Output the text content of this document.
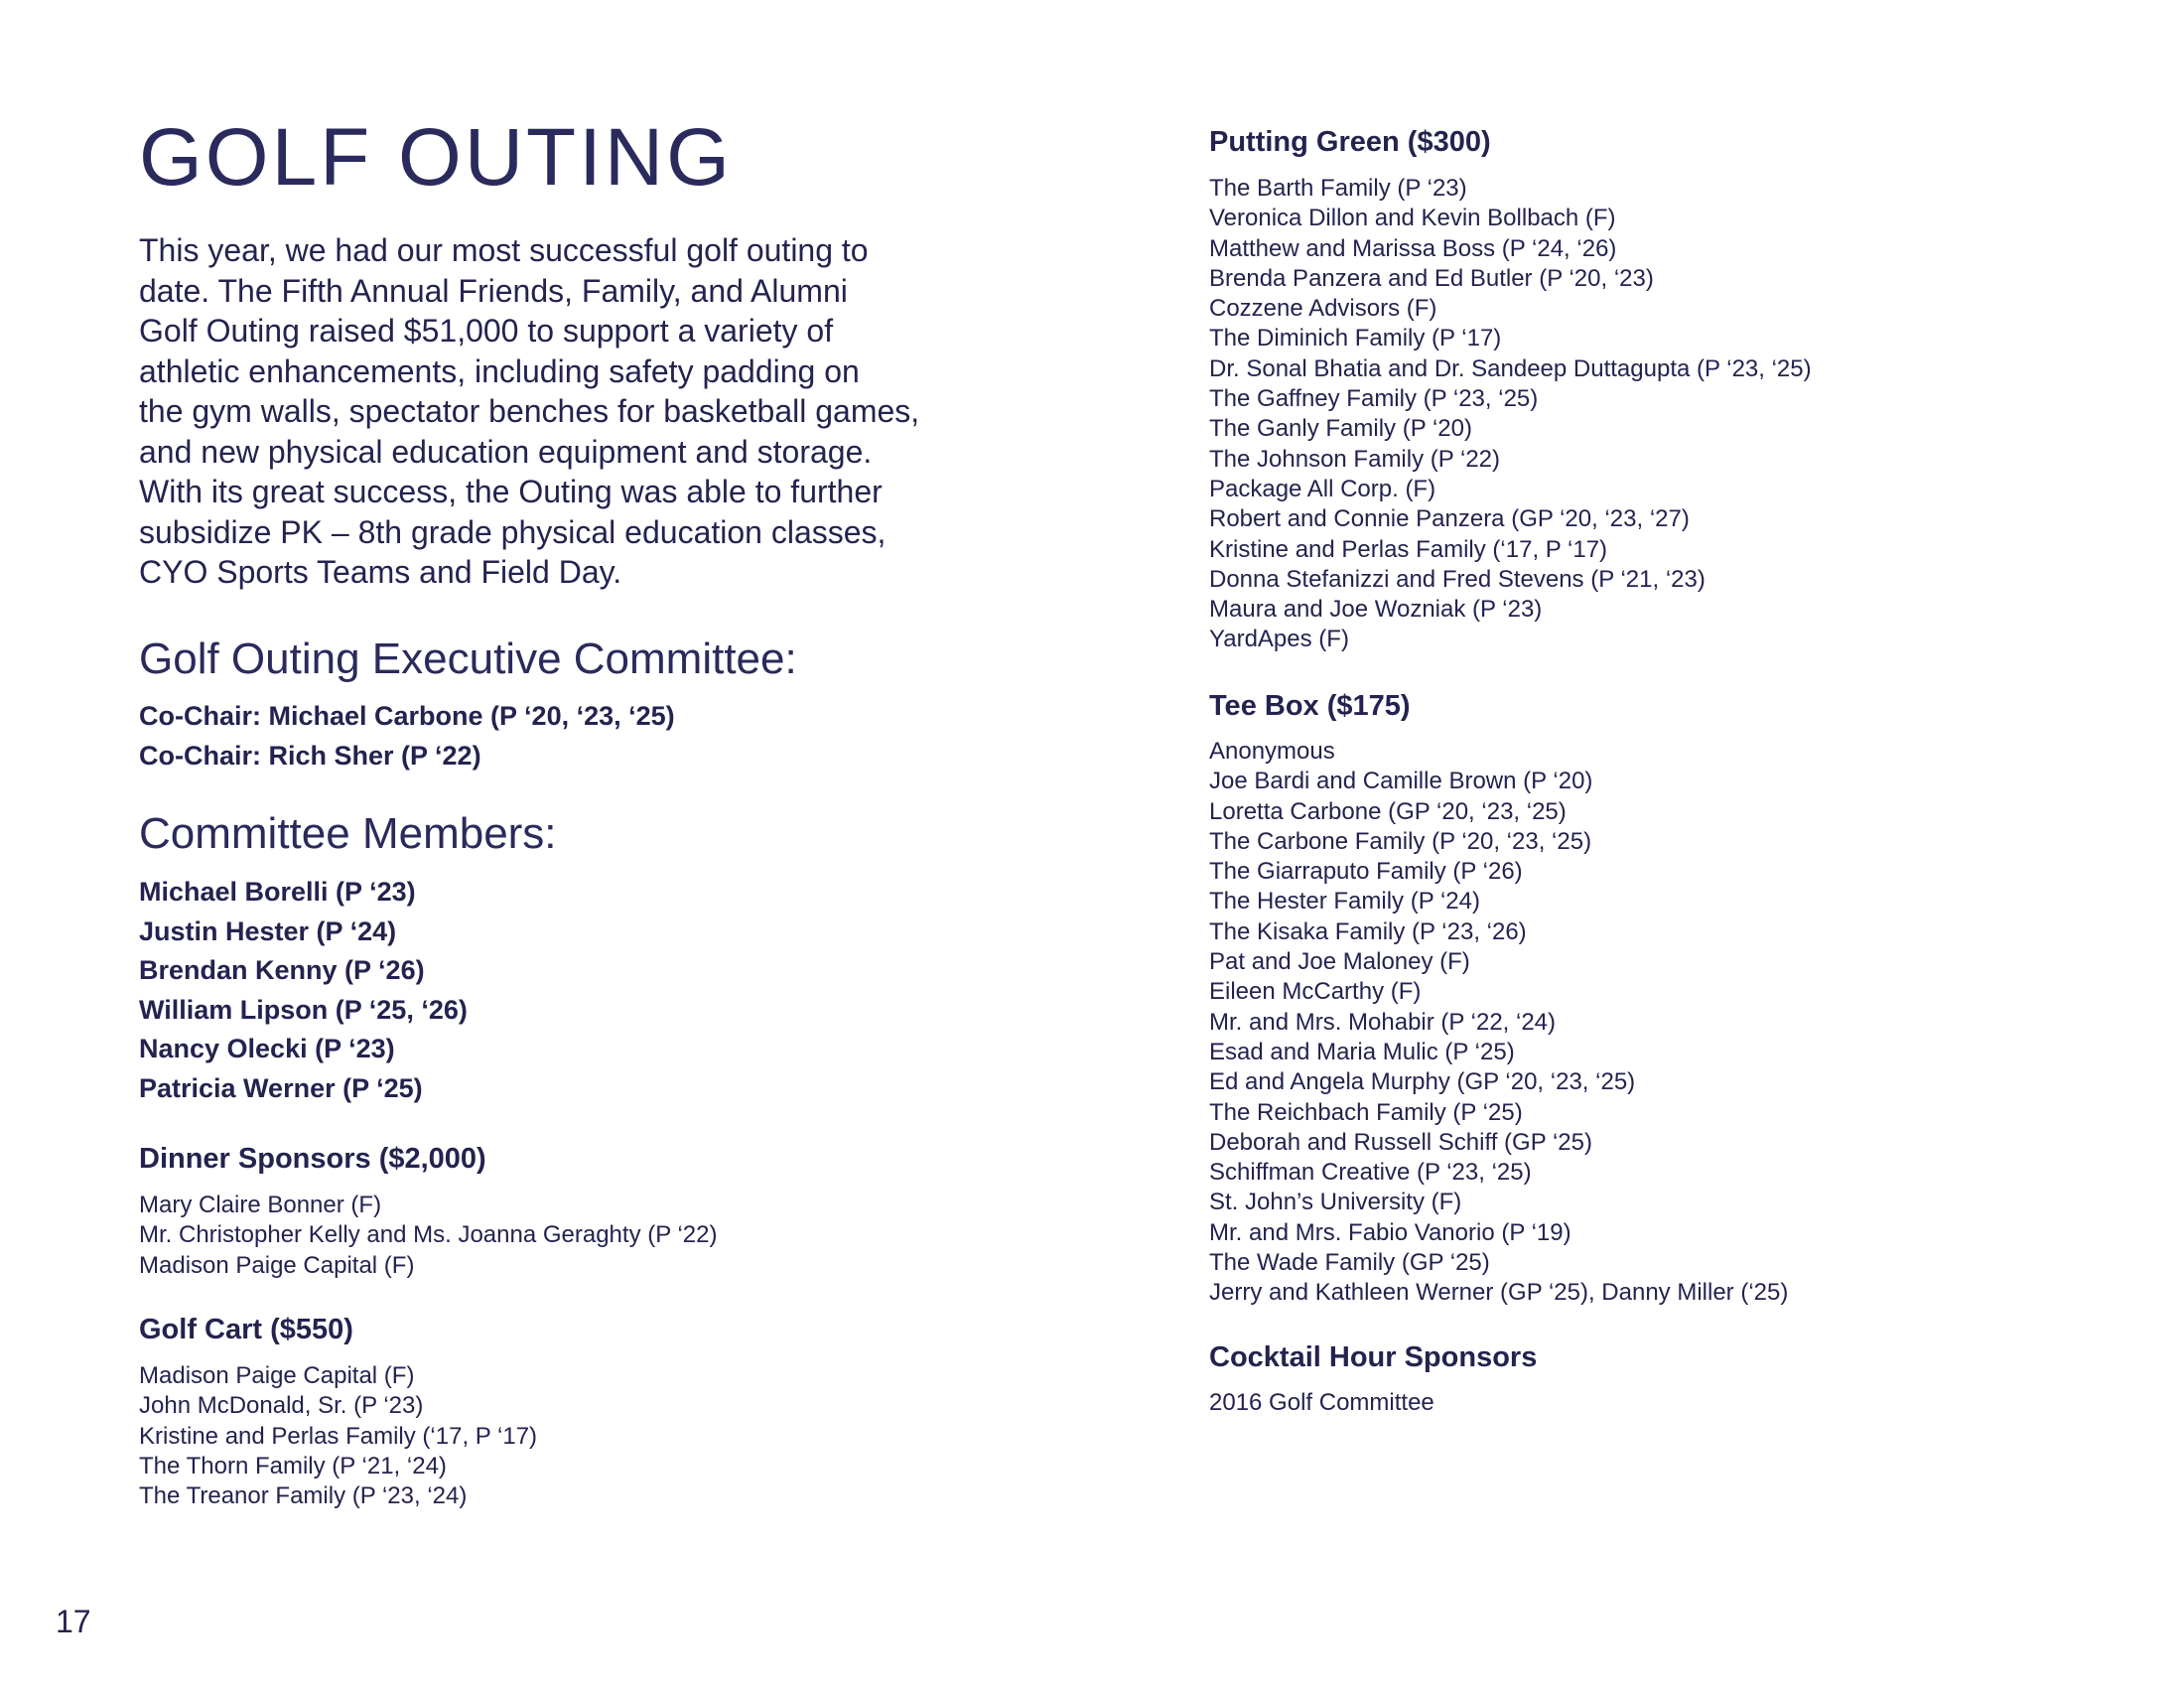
GOLF OUTING

This year, we had our most successful golf outing to
date. The Fifth Annual Friends, Family, and Alumni
Golf Outing raised $51,000 to support a variety of
athletic enhancements, including safety padding on
the gym walls, spectator benches for basketball games,
and new physical education equipment and storage.
With its great success, the Outing was able to further
subsidize PK – 8th grade physical education classes,
CYO Sports Teams and Field Day.

Golf Outing Executive Committee:
Co-Chair: Michael Carbone (P ‘20, ‘23, ‘25)
Co-Chair: Rich Sher (P ‘22)
Committee Members:
Michael Borelli (P ‘23)
Justin Hester (P ‘24)
Brendan Kenny (P ‘26)
William Lipson (P ‘25, ‘26)
Nancy Olecki (P ‘23)
Patricia Werner (P ‘25)
Dinner Sponsors ($2,000)
Mary Claire Bonner (F)
Mr. Christopher Kelly and Ms. Joanna Geraghty (P ‘22)
Madison Paige Capital (F)
Golf Cart ($550)
Madison Paige Capital (F)
John McDonald, Sr. (P ‘23)
Kristine and Perlas Family (‘17, P ‘17)
The Thorn Family (P ‘21, ‘24)
The Treanor Family (P ‘23, ‘24)
Putting Green ($300)
The Barth Family (P ‘23)
Veronica Dillon and Kevin Bollbach (F)
Matthew and Marissa Boss (P ‘24, ‘26)
Brenda Panzera and Ed Butler (P ‘20, ‘23)
Cozzene Advisors (F)
The Diminich Family (P ‘17)
Dr. Sonal Bhatia and Dr. Sandeep Duttagupta (P ‘23, ‘25)
The Gaffney Family (P ‘23, ‘25)
The Ganly Family (P ‘20)
The Johnson Family (P ‘22)
Package All Corp. (F)
Robert and Connie Panzera (GP ‘20, ‘23, ‘27)
Kristine and Perlas Family (‘17, P ‘17)
Donna Stefanizzi and Fred Stevens (P ‘21, ‘23)
Maura and Joe Wozniak (P ‘23)
YardApes (F)
Tee Box ($175)
Anonymous
Joe Bardi and Camille Brown (P ‘20)
Loretta Carbone (GP ‘20, ‘23, ‘25)
The Carbone Family (P ‘20, ‘23, ‘25)
The Giarraputo Family (P ‘26)
The Hester Family (P ‘24)
The Kisaka Family (P ‘23, ‘26)
Pat and Joe Maloney (F)
Eileen McCarthy (F)
Mr. and Mrs. Mohabir (P ‘22, ‘24)
Esad and Maria Mulic (P ‘25)
Ed and Angela Murphy (GP ‘20, ‘23, ‘25)
The Reichbach Family (P ‘25)
Deborah and Russell Schiff (GP ‘25)
Schiffman Creative (P ‘23, ‘25)
St. John’s University (F)
Mr. and Mrs. Fabio Vanorio (P ‘19)
The Wade Family (GP ‘25)
Jerry and Kathleen Werner (GP ‘25), Danny Miller (‘25)
Cocktail Hour Sponsors
2016 Golf Committee
17
